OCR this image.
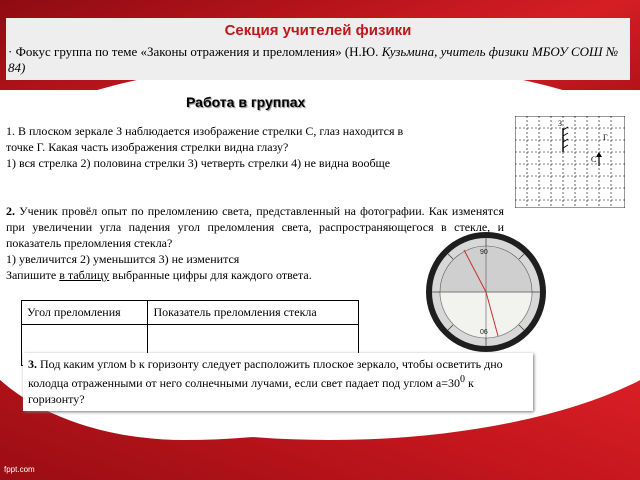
Секция учителей физики
· Фокус группа по теме «Законы отражения и преломления» (Н.Ю. Кузьмина, учитель физики МБОУ СОШ № 84)
Работа в группах
1. В плоском зеркале З наблюдается изображение стрелки С, глаз находится в
точке Г. Какая часть изображения стрелки видна глазу?
1) вся стрелка 2) половина стрелки 3) четверть стрелки 4) не видна вообще
З
Г
С
2. Ученик провёл опыт по преломлению света, представленный на фотографии. Как изменятся при увеличении угла падения угол преломления света, распространяющегося в стекле, и показатель преломления стекла?
1) увеличится 2) уменьшится 3) не изменится
Запишите в таблицу выбранные цифры для каждого ответа.
90
06
Угол преломления	Показатель преломления стекла

3. Под каким углом b к горизонту следует расположить плоское зеркало, чтобы осветить дно колодца отраженными от него солнечными лучами, если свет падает под углом $a=30^0$ к горизонту?
fppt.com
